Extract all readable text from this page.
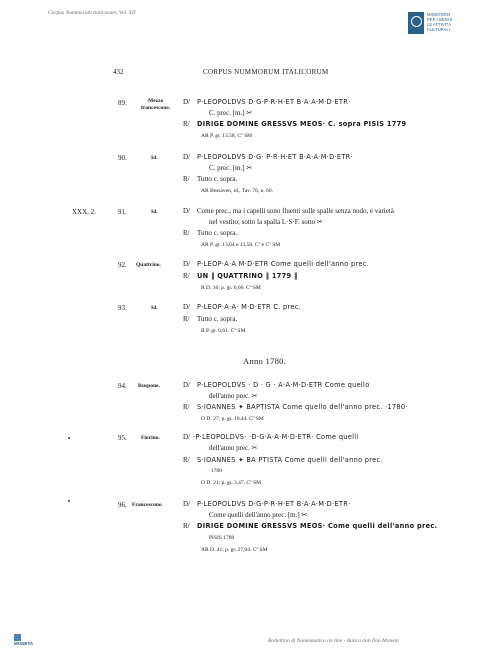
Corpus Nummorum Italicorum, Vol. XII	MINISTERO
PER I BENI E
LE ATTIVITÀ
CULTURALI
432	CORPUS NUMMORUM ITALICORUM
89.	Mezzo
francescone.
D/ P·LEOPOLDVS D·G·P·R·H·ET B·A·A·M·D·ETR·
C. prec. [m.] ✂
R/ DIRIGE DOMINE GRESSVS MEOS· C. sopra PISIS 1779
AR P. gr. 13,58. Cº SM
90.	Id.	D/ P·LEOPOLDVS D·G· P·R·H·ET B·A·A·M·D·ETR·
C. prec. [m.] ✂
R/ Tutto c. sopra.
AR Bessaven, id., Tav. 76, n. 60.
XXX, 2.	91.	Id.	D/ Come prec., ma i capelli sono fluenti sulle spalle senza nodo, e varietà
nel vestito; sotto la spalla L·S·F. sotto ✂
R/ Tutto c. sopra.
AR P. gr. 13,64 e 13,58. Cº e Cº SM
92. Quattrino.	D/ P·LEOP·A·A M·D·ETR Come quelli dell'anno prec.
R/ UN ‖ QUATTRINO ‖ 1779 ‖
R D. 16; p. gr. 0,66. Cº SM
93.	Id.	D/ P·LEOP·A·A· M·D·ETR C. prec.
R/ Tutto c. sopra.
R P. gr. 0,61. Cº SM
Anno 1780.
94. Ruspone.	D/ P·LEOPOLDVS · D · G · A·A·M·D·ETR Come quello
dell'anno prec. ✂
R/ S·IOANNES ✦ BAPTISTA Come quello dell'anno prec. ·1780·
O D. 27; p. gr. 10,44. Cº SM
95.	Fiorino.	D/ ·P·LEOPOLDVS· ·D·G·A·A·M·D·ETR· Come quelli
dell'anno prec. ✂
R/ S·IOANNES ✦ BA PTISTA Come quelli dell'anno prec.
·1780·
O D. 21; p. gr. 3,47. Cº SM
96. Francescone.	D/ P·LEOPOLDVS D·G·P·R·H·ET B·A·A·M·D·ETR·
Come quelli dell'anno prec. [m.] ✂
R/ DIRIGE DOMINE GRESSVS MEOS· Come quelli dell'anno prec.
PISIS 1780
AR D. 41; p. gr. 27,04. Cº SM
MONETA	Bollettino di Numismatica on line - Banca dati fino Moneta
